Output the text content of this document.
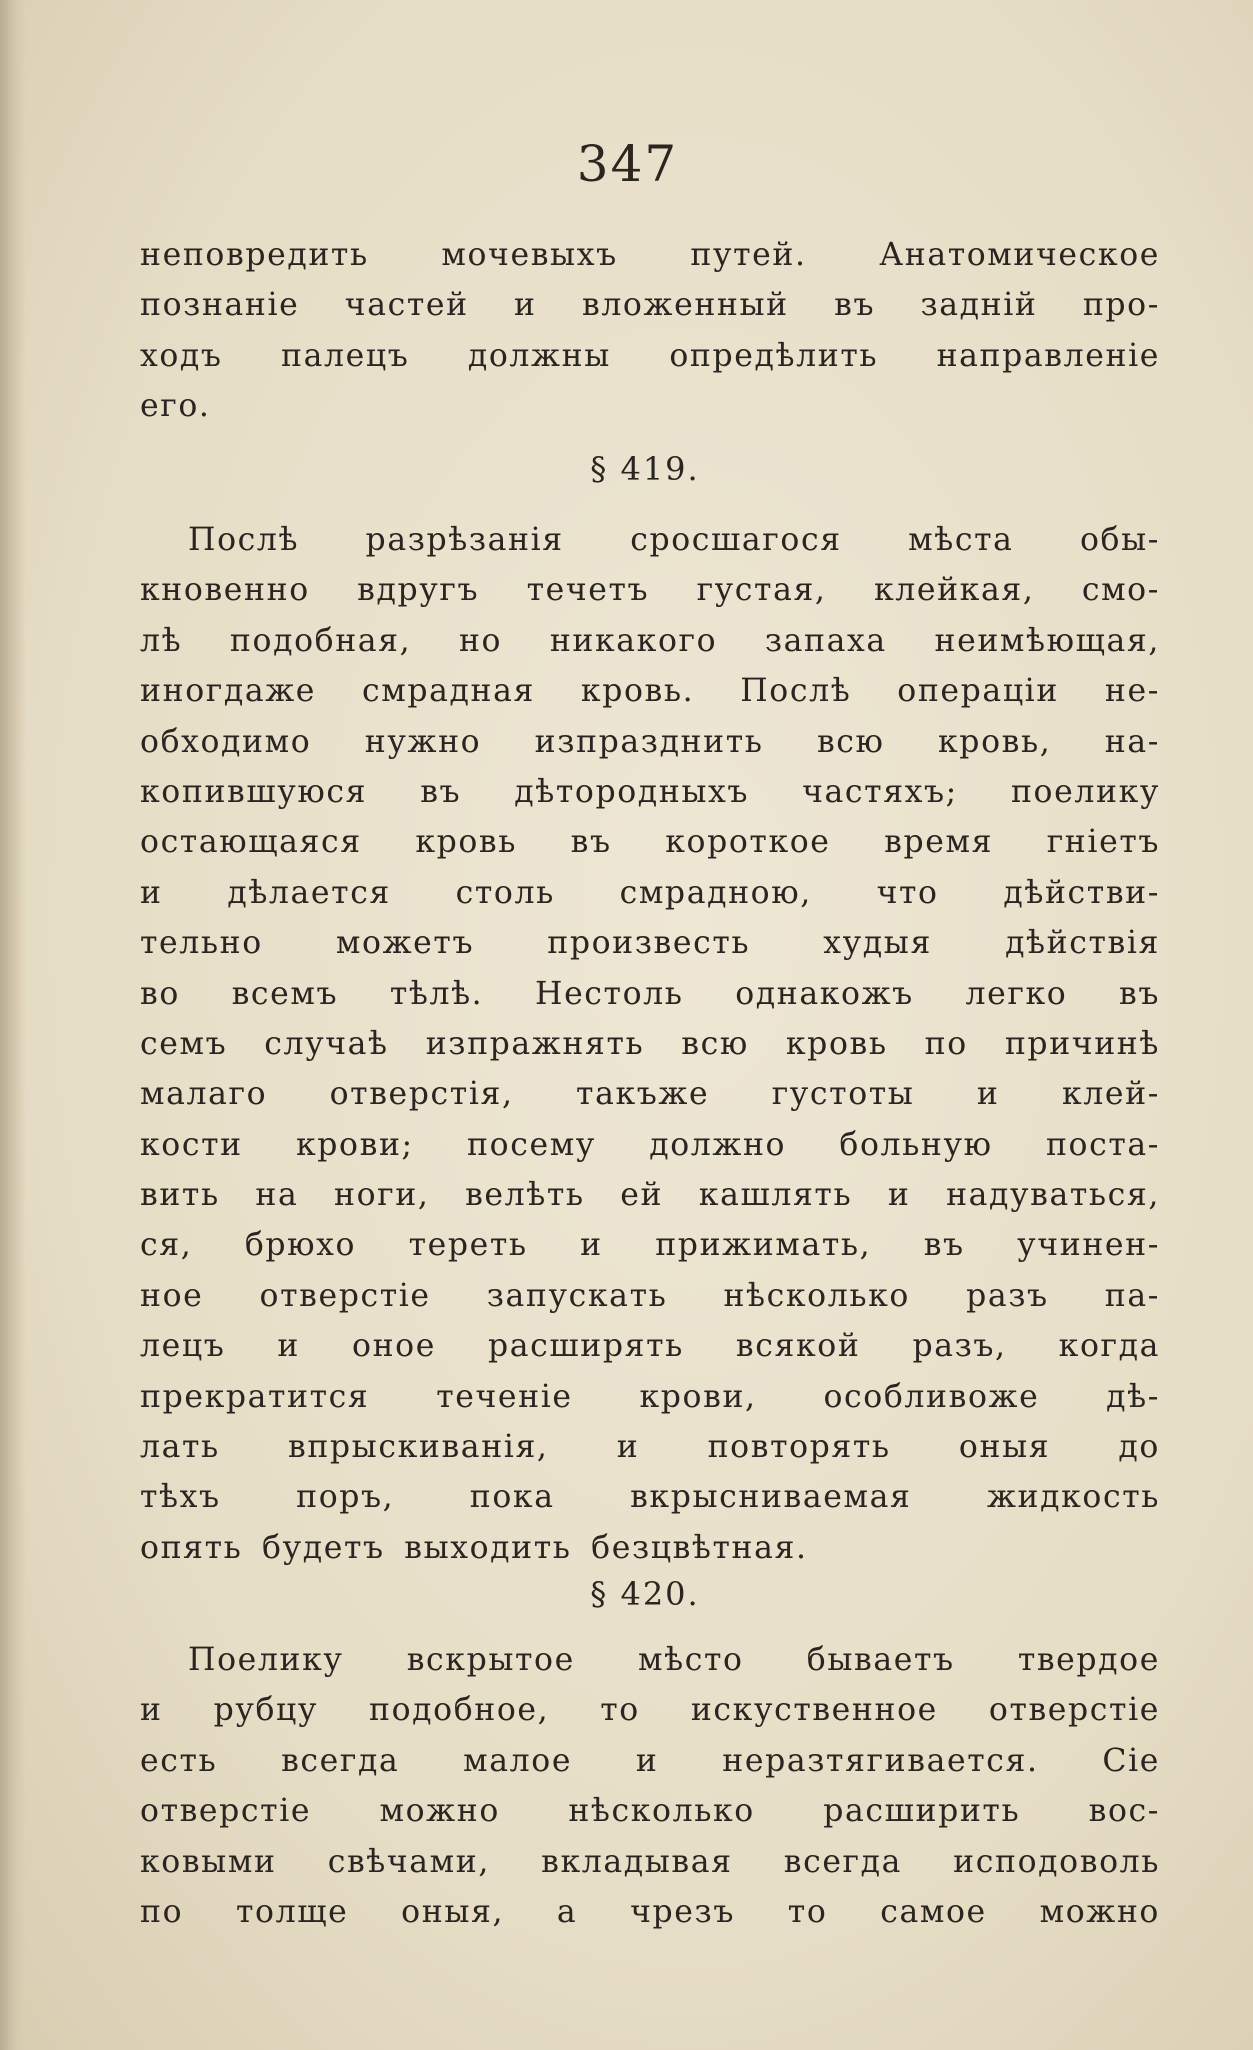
347
неповредить мочевыхъ путей. Анатомическое
познаніе частей и вложенный въ задній про-
ходъ палецъ должны опредѣлить направленіе
его.
§ 419.
Послѣ разрѣзанія сросшагося мѣста обы-
кновенно вдругъ течетъ густая, клейкая, смо-
лѣ подобная, но никакого запаха неимѣющая,
иногдаже смрадная кровь. Послѣ операціи не-
обходимо нужно изпразднить всю кровь, на-
копившуюся въ дѣтородныхъ частяхъ; поелику
остающаяся кровь въ короткое время гніетъ
и дѣлается столь смрадною, что дѣйстви-
тельно можетъ произвесть худыя дѣйствія
во всемъ тѣлѣ. Нестоль однакожъ легко въ
семъ случаѣ изпражнять всю кровь по причинѣ
малаго отверстія, такъже густоты и клей-
кости крови; посему должно больную поста-
вить на ноги, велѣть ей кашлять и надуваться,
ся, брюхо тереть и прижимать, въ учинен-
ное отверстіе запускать нѣсколько разъ па-
лецъ и оное расширять всякой разъ, когда
прекратится теченіе крови, особливоже дѣ-
лать впрыскиванія, и повторять оныя до
тѣхъ поръ, пока вкрысниваемая жидкость
опять будетъ выходить безцвѣтная.
§ 420.
Поелику вскрытое мѣсто бываетъ твердое
и рубцу подобное, то искуственное отверстіе
есть всегда малое и неразтягивается. Сіе
отверстіе можно нѣсколько расширить вос-
ковыми свѣчами, вкладывая всегда исподоволь
по толще оныя, а чрезъ то самое можно
